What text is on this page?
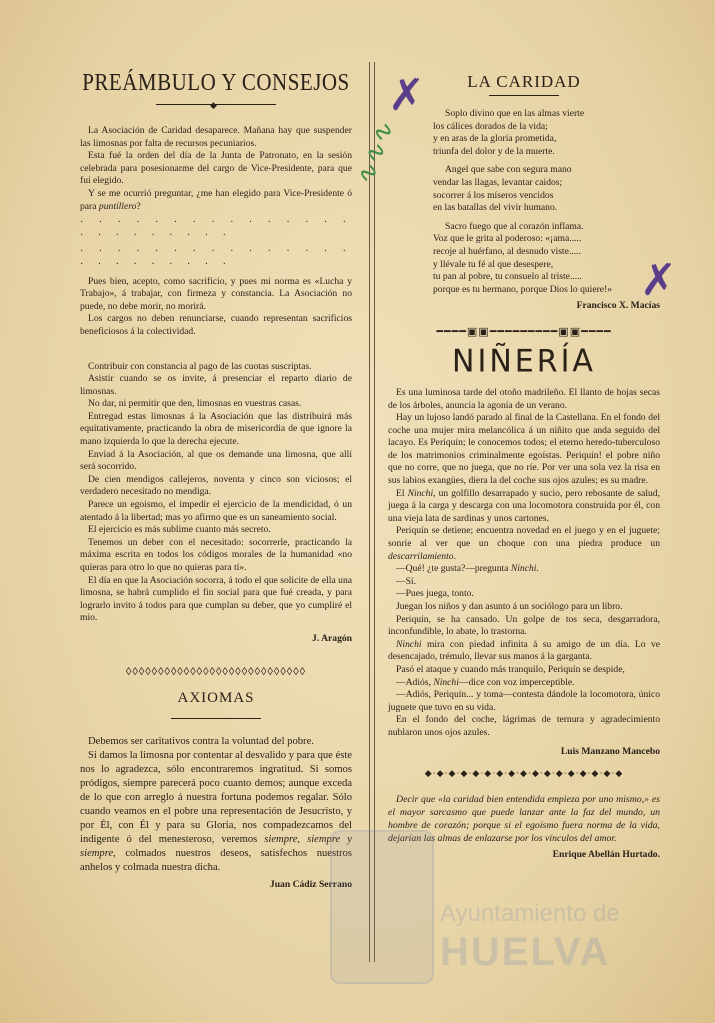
PREÁMBULO Y CONSEJOS
◆

La Asociación de Caridad desaparece. Mañana hay que suspender las limosnas por falta de recursos pecuniarios.

Esta fué la orden del día de la Junta de Patronato, en la sesión celebrada para posesionarme del cargo de Vice-Presidente, para que fuí elegido.

Y se me ocurrió preguntar, ¿me han elegido para Vice-Presidente ó para puntillero?

· · · · · · · · · · · · · · · · · · · · · · · ·

· · · · · · · · · · · · · · · · · · · · · · · ·

Pues bien, acepto, como sacrificio, y pues mi norma es «Lucha y Trabajo», á trabajar, con firmeza y constancia. La Asociación no puede, no debe morir, no morirá.

Los cargos no deben renunciarse, cuando representan sacrificios beneficiosos á la colectividad.

Contribuir con constancia al pago de las cuotas suscriptas.

Asistir cuando se os invite, á presenciar el reparto diario de limosnas.

No dar, ni permitir que den, limosnas en vuestras casas.

Entregad estas limosnas á la Asociación que las distribuirá más equitativamente, practicando la obra de misericordia de que ignore la mano izquierda lo que la derecha ejecute.

Enviad á la Asociación, al que os demande una limosna, que allí será socorrido.

De cien mendigos callejeros, noventa y cinco son viciosos; el verdadero necesitado no mendiga.

Parece un egoismo, el impedir el ejercicio de la mendicidad, ó un atentado á la libertad; mas yo afirmo que es un saneamiento social.

El ejercicio es más sublime cuanto más secreto.

Tenemos un deber con el necesitado: socorrerle, practicando la máxima escrita en todos los códigos morales de la humanidad «no quieras para otro lo que no quieras para tí».

El día en que la Asociación socorra, á todo el que solicite de ella una limosna, se habrá cumplido el fin social para que fué creada, y para lograrlo invito á todos para que cumplan su deber, que yo cumpliré el mio.

J. Aragón

◊◊◊◊◊◊◊◊◊◊◊◊◊◊◊◊◊◊◊◊◊◊◊◊◊◊◊◊
AXIOMAS

Debemos ser caritativos contra la voluntad del pobre.

Si damos la limosna por contentar al desvalido y para que éste nos lo agradezca, sólo encontraremos ingratitud. Si somos pródigos, siempre parecerá poco cuanto demos; aunque exceda de lo que con arreglo á nuestra fortuna podemos regalar. Sólo cuando veamos en el pobre una representación de Jesucristo, y por Él, con Él y para su Gloria, nos compadezcamos del indigente ó del menesteroso, veremos siempre, siempre y siempre, colmados nuestros deseos, satisfechos nuestros anhelos y colmada nuestra dicha.

Juan Cádiz Serrano

LA CARIDAD
Soplo divino que en las almas vierte
los cálices dorados de la vida;
y en aras de la gloria prometida,
triunfa del dolor y de la muerte.
Angel que sabe con segura mano
vendar las llagas, levantar caidos;
socorrer á los míseros vencidos
en las batallas del vivir humano.
Sacro fuego que al corazón inflama.
Voz que le grita al poderoso: «¡ama.....
recoje al huérfano, al desnudo viste.....
y llévale tu fé al que desespere,
tu pan al pobre, tu consuelo al triste.....
porque es tu hermano, porque Dios lo quiere!»

Francisco X. Macías

━━━━▣▣━━━━━━━━━▣▣━━━━
NIÑERÍA

Es una luminosa tarde del otoño madrileño. El llanto de hojas secas de los árboles, anuncia la agonía de un verano.

Hay un lujoso landó parado al final de la Castellana. En el fondo del coche una mujer mira melancólica á un niñito que anda seguido del lacayo. Es Periquín; le conocemos todos; el eterno heredo-tuberculoso de los matrimonios criminalmente egoístas. Periquín! el pobre niño que no corre, que no juega, que no ríe. Por ver una sola vez la risa en sus labios exangües, diera la del coche sus ojos azules; es su madre.

El Ninchi, un golfillo desarrapado y sucio, pero rebosante de salud, juega á la carga y descarga con una locomotora construída por él, con una vieja lata de sardinas y unos cartones.

Periquín se detiene; encuentra novedad en el juego y en el juguete; sonríe al ver que un choque con una piedra produce un descarrilamiento.

—Qué! ¿te gusta?—pregunta Ninchi.

—Sí.

—Pues juega, tonto.

Juegan los niños y dan asunto á un sociólogo para un libro.

Periquín, se ha cansado. Un golpe de tos seca, desgarradora, inconfundible, lo abate, lo trastorna.

Ninchi mira con piedad infinita á su amigo de un día. Lo ve desencajado, trémulo, llevar sus manos á la garganta.

Pasó el ataque y cuando más tranquilo, Periquín se despide,

—Adiós, Ninchi—dice con voz imperceptible.

—Adiós, Periquín... y toma—contesta dándole la locomotora, único juguete que tuvo en su vida.

En el fondo del coche, lágrimas de ternura y agradecimiento nublaron unos ojos azules.

Luis Manzano Mancebo

◆·◆·◆·◆·◆·◆·◆·◆·◆·◆·◆·◆·◆·◆·◆·◆·◆

Decir que «la caridad bien entendida empieza por uno mismo,» es el mayor sarcasmo que puede lanzar ante la faz del mundo, un hombre de corazón; porque si el egoísmo fuera norma de la vida, dejarían las almas de enlazarse por los vínculos del amor.

Enrique Abellán Hurtado.

✗
✗
∿∿∿
Ayuntamiento de
HUELVA
